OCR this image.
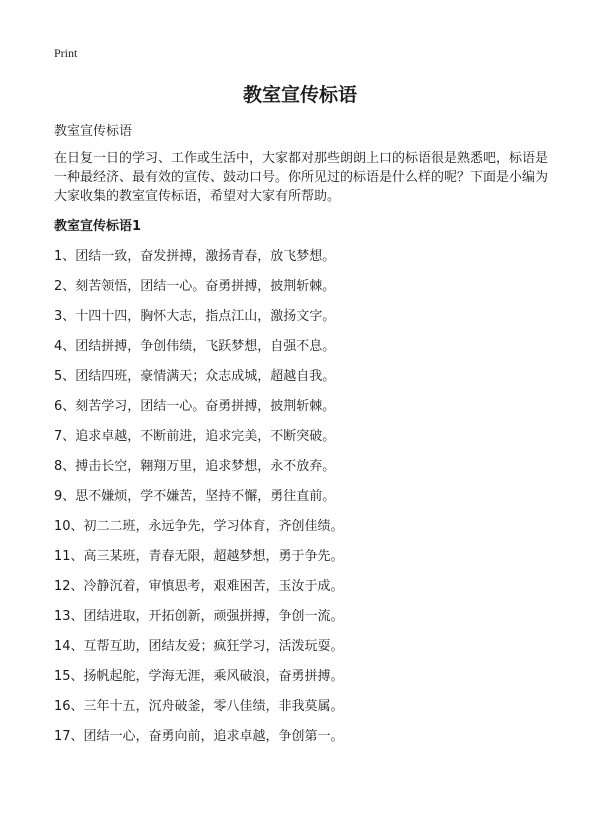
Print
教室宣传标语
教室宣传标语

在日复一日的学习、工作或生活中，大家都对那些朗朗上口的标语很是熟悉吧，标语是一种最经济、最有效的宣传、鼓动口号。你所见过的标语是什么样的呢？下面是小编为大家收集的教室宣传标语，希望对大家有所帮助。

教室宣传标语1
1、团结一致，奋发拼搏，激扬青春，放飞梦想。
2、刻苦领悟，团结一心。奋勇拼搏，披荆斩棘。
3、十四十四，胸怀大志，指点江山，激扬文字。
4、团结拼搏，争创伟绩，飞跃梦想，自强不息。
5、团结四班，豪情满天；众志成城，超越自我。
6、刻苦学习，团结一心。奋勇拼搏，披荆斩棘。
7、追求卓越，不断前进，追求完美，不断突破。
8、搏击长空，翱翔万里，追求梦想，永不放弃。
9、思不嫌烦，学不嫌苦，坚持不懈，勇往直前。
10、初二二班，永远争先，学习体育，齐创佳绩。
11、高三某班，青春无限，超越梦想，勇于争先。
12、冷静沉着，审慎思考，艰难困苦，玉汝于成。
13、团结进取，开拓创新，顽强拼搏，争创一流。
14、互帮互助，团结友爱；疯狂学习，活泼玩耍。
15、扬帆起舵，学海无涯，乘风破浪，奋勇拼搏。
16、三年十五，沉舟破釜，零八佳绩，非我莫属。
17、团结一心，奋勇向前，追求卓越，争创第一。
